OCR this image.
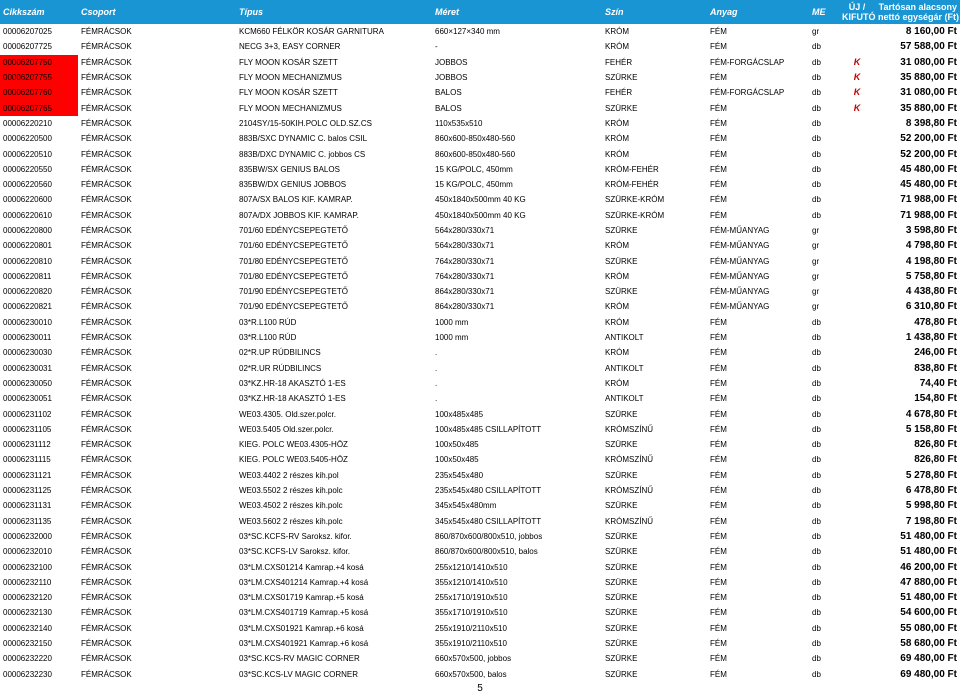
Cikkszám	Csoport	Típus	Méret	Szín	Anyag	ME	ÚJ /
KIFUTÓ	Tartósan alacsony
nettó egységár (Ft)
00006207025	FÉMRÁCSOK	KCM660 FÉLKÖR KOSÁR GARNITURA	660×127×340 mm	KRÓM	FÉM	gr		8 160,00 Ft
00006207725	FÉMRÁCSOK	NECG 3+3, EASY CORNER	-	KRÓM	FÉM	db		57 588,00 Ft
00006207750	FÉMRÁCSOK	FLY MOON KOSÁR SZETT	JOBBOS	FEHÉR	FÉM-FORGÁCSLAP	db	K	31 080,00 Ft
00006207755	FÉMRÁCSOK	FLY MOON MECHANIZMUS	JOBBOS	SZÜRKE	FÉM	db	K	35 880,00 Ft
00006207760	FÉMRÁCSOK	FLY MOON KOSÁR SZETT	BALOS	FEHÉR	FÉM-FORGÁCSLAP	db	K	31 080,00 Ft
00006207765	FÉMRÁCSOK	FLY MOON MECHANIZMUS	BALOS	SZÜRKE	FÉM	db	K	35 880,00 Ft
00006220210	FÉMRÁCSOK	2104SY/15-50KIH.POLC OLD.SZ.CS	110x535x510	KRÓM	FÉM	db		8 398,80 Ft
00006220500	FÉMRÁCSOK	883B/SXC DYNAMIC C. balos CSIL	860x600-850x480-560	KRÓM	FÉM	db		52 200,00 Ft
00006220510	FÉMRÁCSOK	883B/DXC DYNAMIC C. jobbos CS	860x600-850x480-560	KRÓM	FÉM	db		52 200,00 Ft
00006220550	FÉMRÁCSOK	835BW/SX GENIUS BALOS	15 KG/POLC, 450mm	KRÓM-FEHÉR	FÉM	db		45 480,00 Ft
00006220560	FÉMRÁCSOK	835BW/DX GENIUS JOBBOS	15 KG/POLC, 450mm	KRÓM-FEHÉR	FÉM	db		45 480,00 Ft
00006220600	FÉMRÁCSOK	807A/SX BALOS KIF. KAMRAP.	450x1840x500mm 40 KG	SZÜRKE-KRÓM	FÉM	db		71 988,00 Ft
00006220610	FÉMRÁCSOK	807A/DX JOBBOS KIF. KAMRAP.	450x1840x500mm 40 KG	SZÜRKE-KRÓM	FÉM	db		71 988,00 Ft
00006220800	FÉMRÁCSOK	701/60 EDÉNYCSEPEGTETŐ	564x280/330x71	SZÜRKE	FÉM-MŰANYAG	gr		3 598,80 Ft
00006220801	FÉMRÁCSOK	701/60 EDÉNYCSEPEGTETŐ	564x280/330x71	KRÓM	FÉM-MŰANYAG	gr		4 798,80 Ft
00006220810	FÉMRÁCSOK	701/80 EDÉNYCSEPEGTETŐ	764x280/330x71	SZÜRKE	FÉM-MŰANYAG	gr		4 198,80 Ft
00006220811	FÉMRÁCSOK	701/80 EDÉNYCSEPEGTETŐ	764x280/330x71	KRÓM	FÉM-MŰANYAG	gr		5 758,80 Ft
00006220820	FÉMRÁCSOK	701/90 EDÉNYCSEPEGTETŐ	864x280/330x71	SZÜRKE	FÉM-MŰANYAG	gr		4 438,80 Ft
00006220821	FÉMRÁCSOK	701/90 EDÉNYCSEPEGTETŐ	864x280/330x71	KRÓM	FÉM-MŰANYAG	gr		6 310,80 Ft
00006230010	FÉMRÁCSOK	03*R.L100 RÚD	1000 mm	KRÓM	FÉM	db		478,80 Ft
00006230011	FÉMRÁCSOK	03*R.L100 RÚD	1000 mm	ANTIKOLT	FÉM	db		1 438,80 Ft
00006230030	FÉMRÁCSOK	02*R.UP RÚDBILINCS	.	KRÓM	FÉM	db		246,00 Ft
00006230031	FÉMRÁCSOK	02*R.UR RÚDBILINCS	.	ANTIKOLT	FÉM	db		838,80 Ft
00006230050	FÉMRÁCSOK	03*KZ.HR-18 AKASZTÓ 1-ES	.	KRÓM	FÉM	db		74,40 Ft
00006230051	FÉMRÁCSOK	03*KZ.HR-18 AKASZTÓ 1-ES	.	ANTIKOLT	FÉM	db		154,80 Ft
00006231102	FÉMRÁCSOK	WE03.4305. Old.szer.polcr.	100x485x485	SZÜRKE	FÉM	db		4 678,80 Ft
00006231105	FÉMRÁCSOK	WE03.5405 Old.szer.polcr.	100x485x485 CSILLAPÍTOTT	KRÓMSZÍNŰ	FÉM	db		5 158,80 Ft
00006231112	FÉMRÁCSOK	KIEG. POLC WE03.4305-HÖZ	100x50x485	SZÜRKE	FÉM	db		826,80 Ft
00006231115	FÉMRÁCSOK	KIEG. POLC WE03.5405-HÖZ	100x50x485	KRÓMSZÍNŰ	FÉM	db		826,80 Ft
00006231121	FÉMRÁCSOK	WE03.4402 2 részes kih.pol	235x545x480	SZÜRKE	FÉM	db		5 278,80 Ft
00006231125	FÉMRÁCSOK	WE03.5502 2 részes kih.polc	235x545x480 CSILLAPÍTOTT	KRÓMSZÍNŰ	FÉM	db		6 478,80 Ft
00006231131	FÉMRÁCSOK	WE03.4502 2 részes kih.polc	345x545x480mm	SZÜRKE	FÉM	db		5 998,80 Ft
00006231135	FÉMRÁCSOK	WE03.5602 2 részes kih.polc	345x545x480 CSILLAPÍTOTT	KRÓMSZÍNŰ	FÉM	db		7 198,80 Ft
00006232000	FÉMRÁCSOK	03*SC.KCFS-RV Saroksz. kifor.	860/870x600/800x510, jobbos	SZÜRKE	FÉM	db		51 480,00 Ft
00006232010	FÉMRÁCSOK	03*SC.KCFS-LV Saroksz. kifor.	860/870x600/800x510, balos	SZÜRKE	FÉM	db		51 480,00 Ft
00006232100	FÉMRÁCSOK	03*LM.CXS01214 Kamrap.+4 kosá	255x1210/1410x510	SZÜRKE	FÉM	db		46 200,00 Ft
00006232110	FÉMRÁCSOK	03*LM.CXS401214 Kamrap.+4 kosá	355x1210/1410x510	SZÜRKE	FÉM	db		47 880,00 Ft
00006232120	FÉMRÁCSOK	03*LM.CXS01719 Kamrap.+5 kosá	255x1710/1910x510	SZÜRKE	FÉM	db		51 480,00 Ft
00006232130	FÉMRÁCSOK	03*LM.CXS401719 Kamrap.+5 kosá	355x1710/1910x510	SZÜRKE	FÉM	db		54 600,00 Ft
00006232140	FÉMRÁCSOK	03*LM.CXS01921 Kamrap.+6 kosá	255x1910/2110x510	SZÜRKE	FÉM	db		55 080,00 Ft
00006232150	FÉMRÁCSOK	03*LM.CXS401921 Kamrap.+6 kosá	355x1910/2110x510	SZÜRKE	FÉM	db		58 680,00 Ft
00006232220	FÉMRÁCSOK	03*SC.KCS-RV MAGIC CORNER	660x570x500, jobbos	SZÜRKE	FÉM	db		69 480,00 Ft
00006232230	FÉMRÁCSOK	03*SC.KCS-LV MAGIC CORNER	660x570x500, balos	SZÜRKE	FÉM	db		69 480,00 Ft
5
